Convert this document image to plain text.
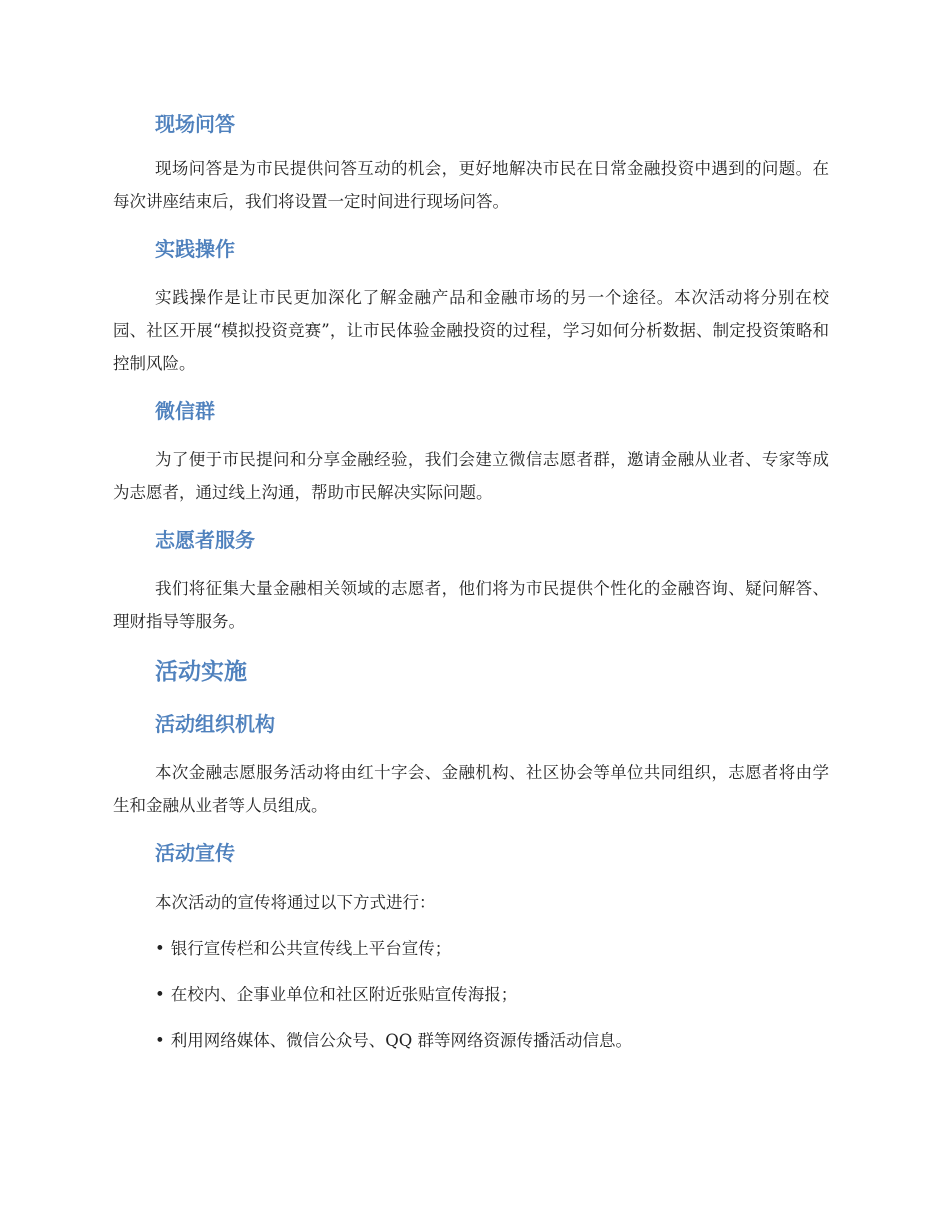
现场问答

现场问答是为市民提供问答互动的机会，更好地解决市民在日常金融投资中遇到的问题。在每次讲座结束后，我们将设置一定时间进行现场问答。

实践操作

实践操作是让市民更加深化了解金融产品和金融市场的另一个途径。本次活动将分别在校园、社区开展“模拟投资竞赛”，让市民体验金融投资的过程，学习如何分析数据、制定投资策略和控制风险。

微信群

为了便于市民提问和分享金融经验，我们会建立微信志愿者群，邀请金融从业者、专家等成为志愿者，通过线上沟通，帮助市民解决实际问题。

志愿者服务

我们将征集大量金融相关领域的志愿者，他们将为市民提供个性化的金融咨询、疑问解答、理财指导等服务。

活动实施
活动组织机构

本次金融志愿服务活动将由红十字会、金融机构、社区协会等单位共同组织，志愿者将由学生和金融从业者等人员组成。

活动宣传

本次活动的宣传将通过以下方式进行：

• 银行宣传栏和公共宣传线上平台宣传；
• 在校内、企事业单位和社区附近张贴宣传海报；
• 利用网络媒体、微信公众号、QQ 群等网络资源传播活动信息。
